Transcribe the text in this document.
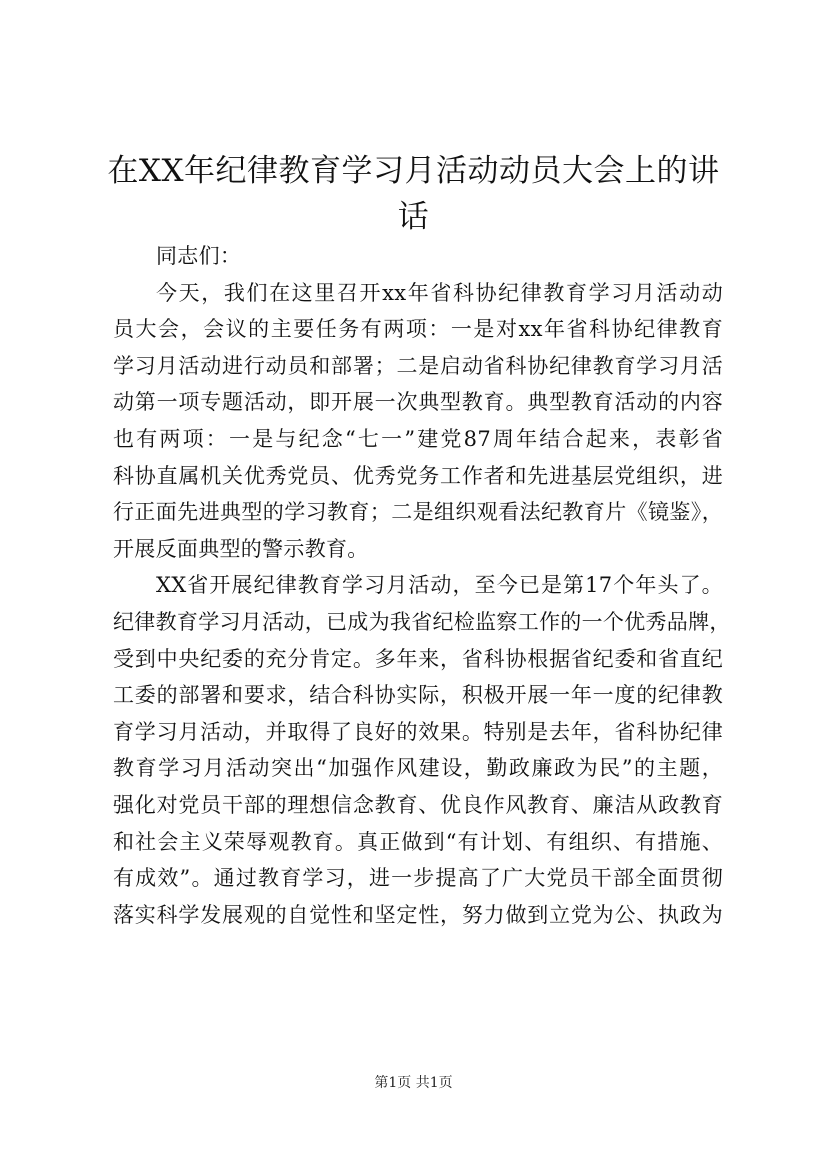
在XX年纪律教育学习月活动动员大会上的讲
话
同志们：
今天，我们在这里召开xx年省科协纪律教育学习月活动动
员大会，会议的主要任务有两项：一是对xx年省科协纪律教育
学习月活动进行动员和部署；二是启动省科协纪律教育学习月活
动第一项专题活动，即开展一次典型教育。典型教育活动的内容
也有两项：一是与纪念“七一”建党87周年结合起来，表彰省
科协直属机关优秀党员、优秀党务工作者和先进基层党组织，进
行正面先进典型的学习教育；二是组织观看法纪教育片《镜鉴》，
开展反面典型的警示教育。
XX省开展纪律教育学习月活动，至今已是第17个年头了。
纪律教育学习月活动，已成为我省纪检监察工作的一个优秀品牌，
受到中央纪委的充分肯定。多年来，省科协根据省纪委和省直纪
工委的部署和要求，结合科协实际，积极开展一年一度的纪律教
育学习月活动，并取得了良好的效果。特别是去年，省科协纪律
教育学习月活动突出“加强作风建设，勤政廉政为民”的主题，
强化对党员干部的理想信念教育、优良作风教育、廉洁从政教育
和社会主义荣辱观教育。真正做到“有计划、有组织、有措施、
有成效”。通过教育学习，进一步提高了广大党员干部全面贯彻
落实科学发展观的自觉性和坚定性，努力做到立党为公、执政为
第1页 共1页
